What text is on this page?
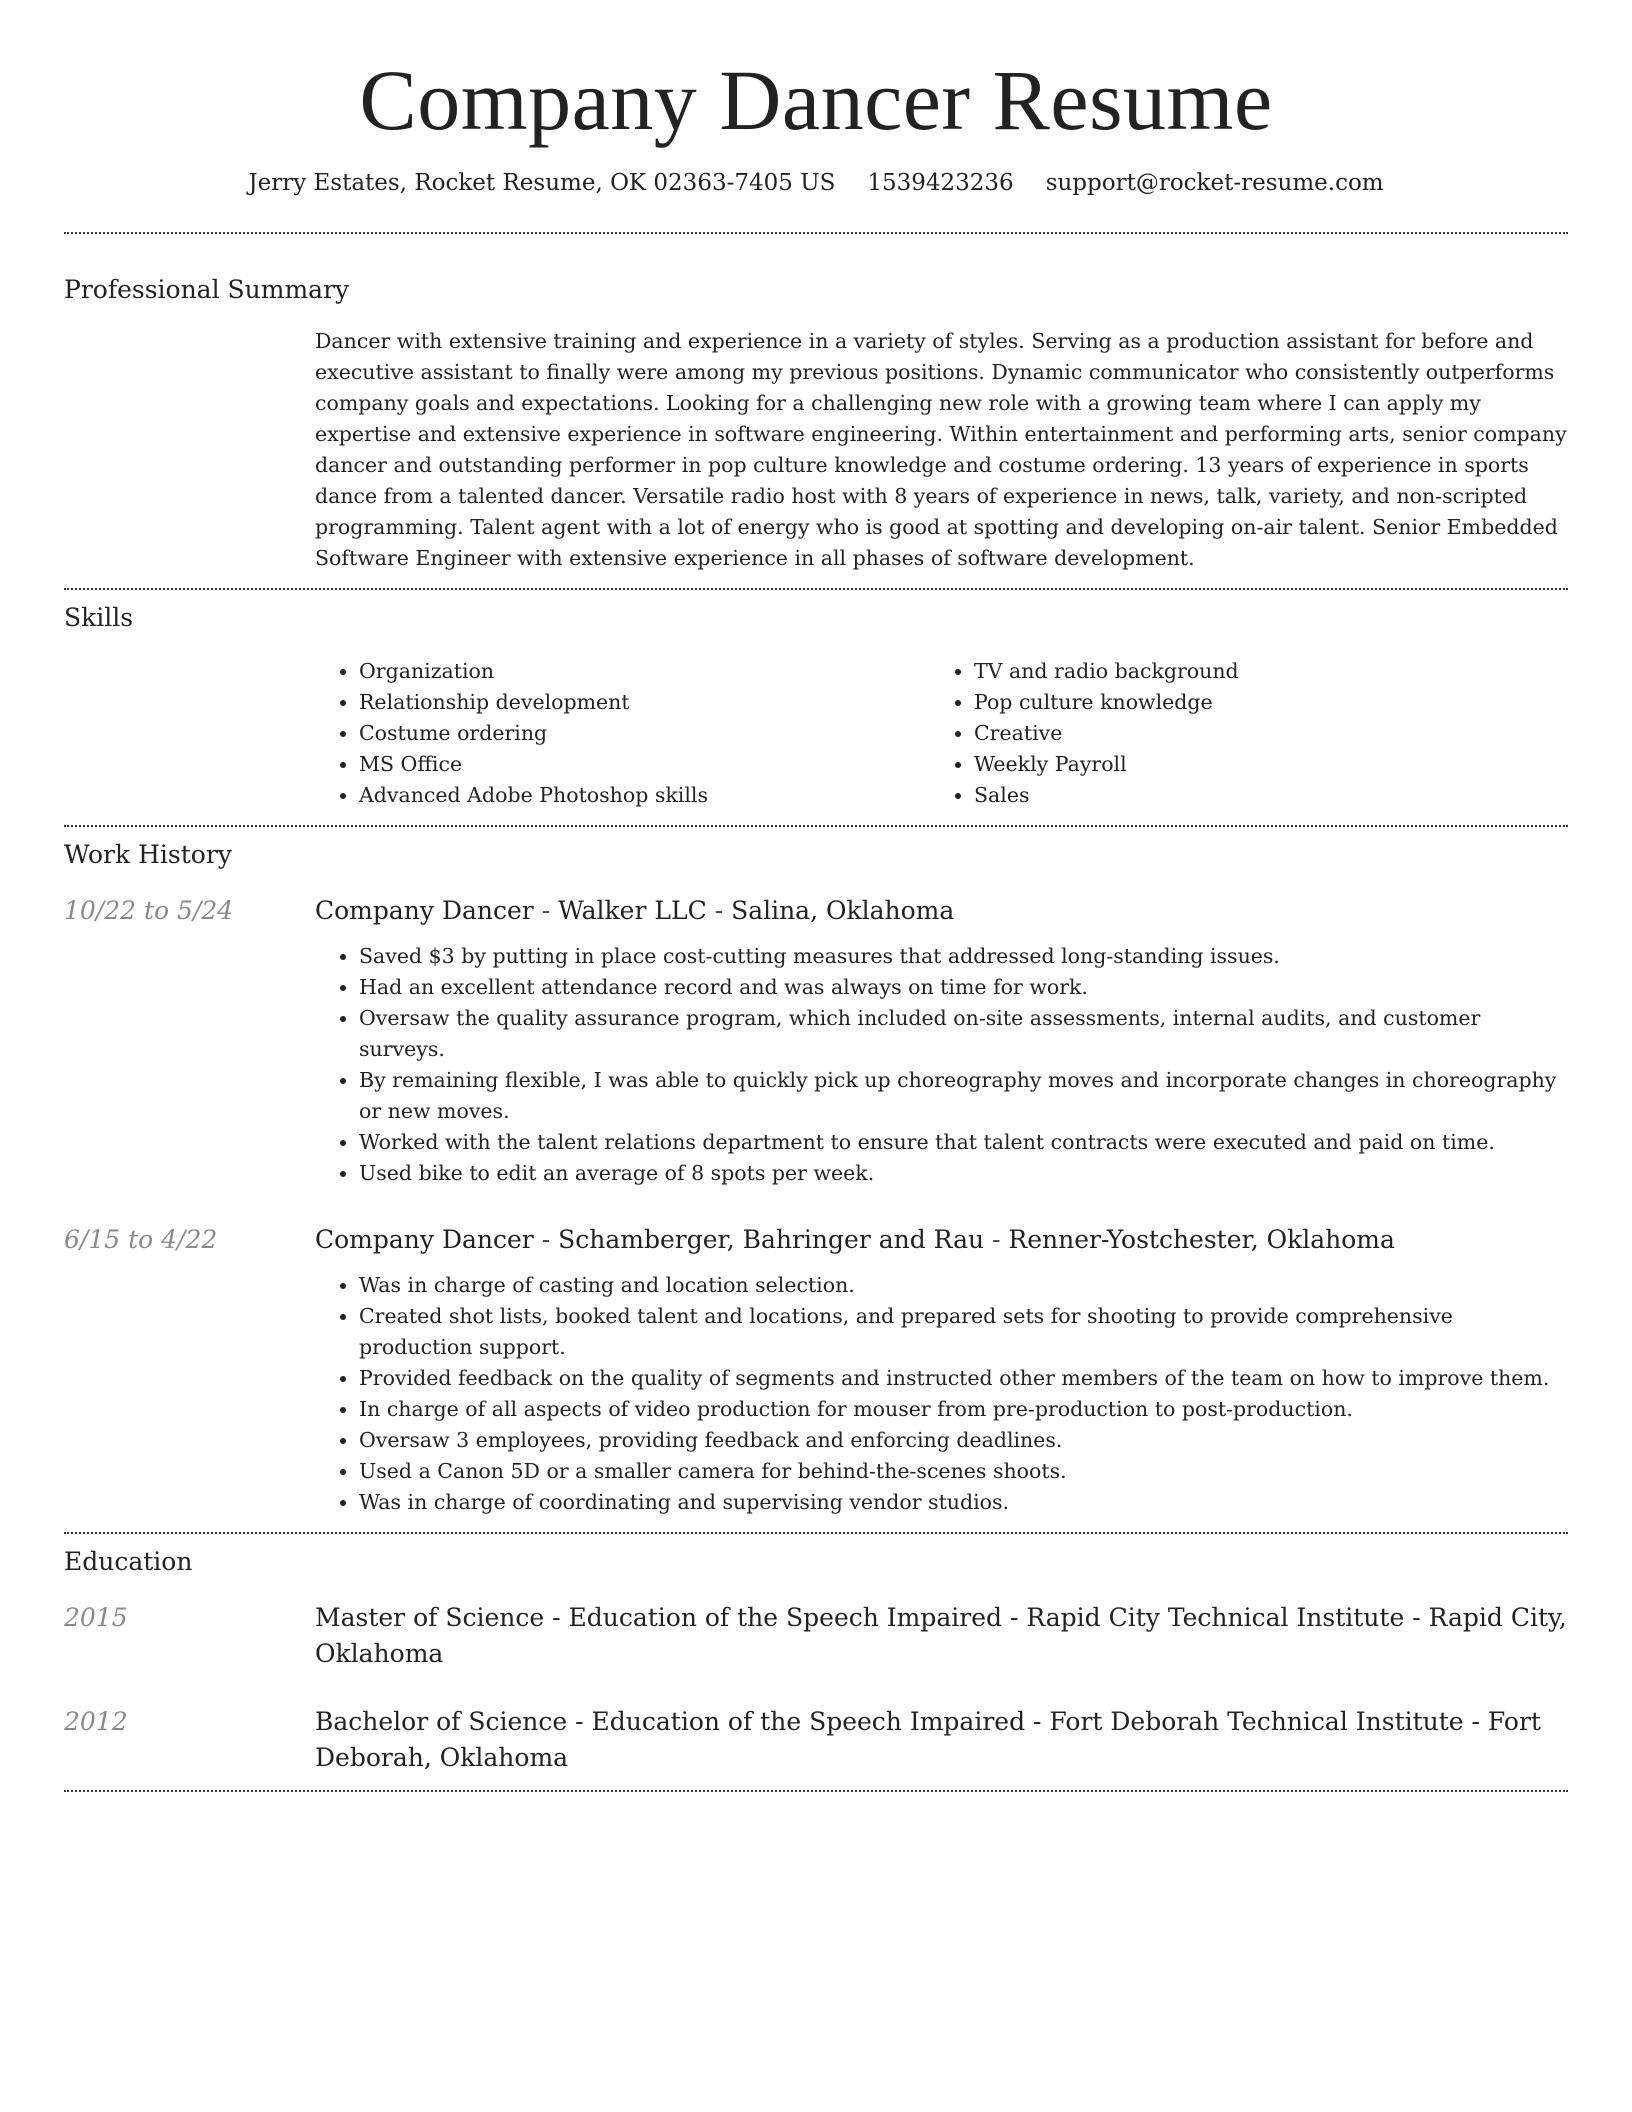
Company Dancer Resume
Jerry Estates, Rocket Resume, OK 02363-7405 US 1539423236 support@rocket-resume.com
Professional Summary

Dancer with extensive training and experience in a variety of styles. Serving as a production assistant for before and executive assistant to finally were among my previous positions. Dynamic communicator who consistently outperforms company goals and expectations. Looking for a challenging new role with a growing team where I can apply my expertise and extensive experience in software engineering. Within entertainment and performing arts, senior company dancer and outstanding performer in pop culture knowledge and costume ordering. 13 years of experience in sports dance from a talented dancer. Versatile radio host with 8 years of experience in news, talk, variety, and non-scripted programming. Talent agent with a lot of energy who is good at spotting and developing on-air talent. Senior Embedded Software Engineer with extensive experience in all phases of software development.

Skills
• Organization
• Relationship development
• Costume ordering
• MS Office
• Advanced Adobe Photoshop skills
• TV and radio background
• Pop culture knowledge
• Creative
• Weekly Payroll
• Sales
Work History
10/22 to 5/24	Company Dancer - Walker LLC - Salina, Oklahoma
• Saved $3 by putting in place cost-cutting measures that addressed long-standing issues.
• Had an excellent attendance record and was always on time for work.
• Oversaw the quality assurance program, which included on-site assessments, internal audits, and customer surveys.
• By remaining flexible, I was able to quickly pick up choreography moves and incorporate changes in choreography or new moves.
• Worked with the talent relations department to ensure that talent contracts were executed and paid on time.
• Used bike to edit an average of 8 spots per week.
6/15 to 4/22	Company Dancer - Schamberger, Bahringer and Rau - Renner-Yostchester, Oklahoma
• Was in charge of casting and location selection.
• Created shot lists, booked talent and locations, and prepared sets for shooting to provide comprehensive production support.
• Provided feedback on the quality of segments and instructed other members of the team on how to improve them.
• In charge of all aspects of video production for mouser from pre-production to post-production.
• Oversaw 3 employees, providing feedback and enforcing deadlines.
• Used a Canon 5D or a smaller camera for behind-the-scenes shoots.
• Was in charge of coordinating and supervising vendor studios.
Education
2015	Master of Science - Education of the Speech Impaired - Rapid City Technical Institute - Rapid City, Oklahoma
2012	Bachelor of Science - Education of the Speech Impaired - Fort Deborah Technical Institute - Fort Deborah, Oklahoma
